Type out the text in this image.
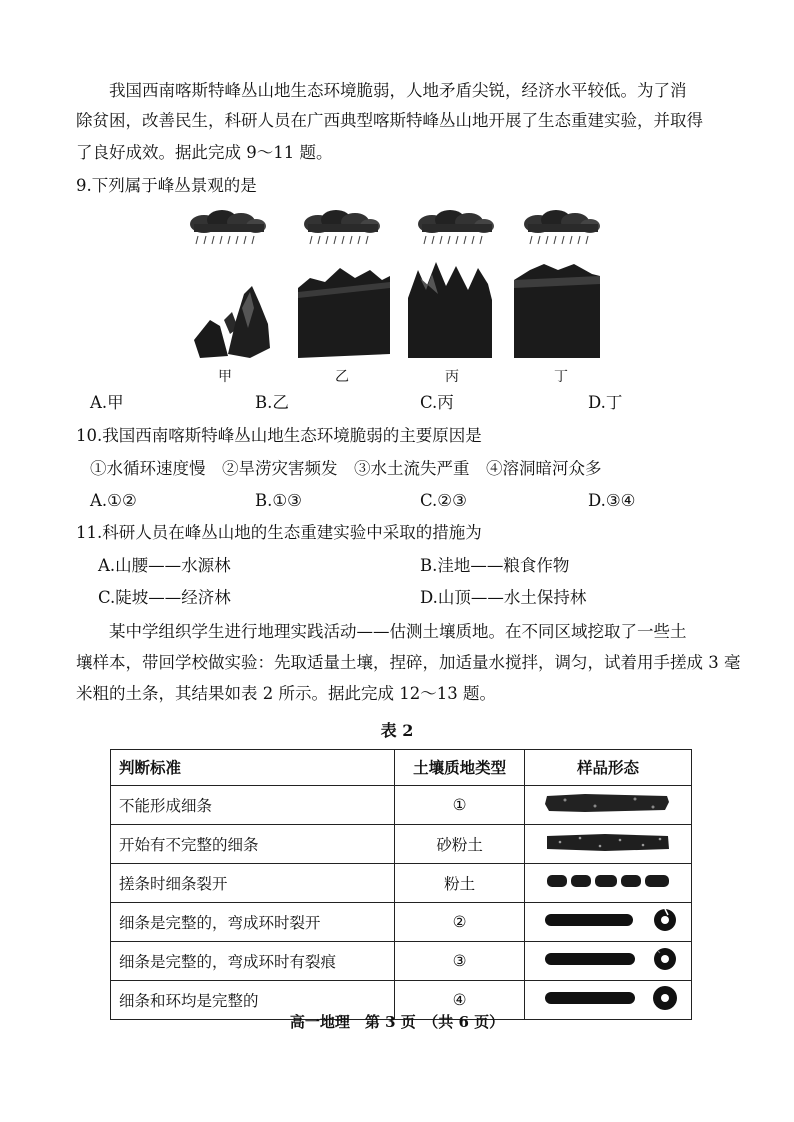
我国西南喀斯特峰丛山地生态环境脆弱，人地矛盾尖锐，经济水平较低。为了消
除贫困，改善民生，科研人员在广西典型喀斯特峰丛山地开展了生态重建实验，并取得
了良好成效。据此完成 9～11 题。
9.下列属于峰丛景观的是
甲	乙	丙	丁
A.甲	B.乙	C.丙	D.丁
10.我国西南喀斯特峰丛山地生态环境脆弱的主要原因是
①水循环速度慢　②旱涝灾害频发　③水土流失严重　④溶洞暗河众多
A.①②	B.①③	C.②③	D.③④
11.科研人员在峰丛山地的生态重建实验中采取的措施为
A.山腰——水源林	B.洼地——粮食作物
C.陡坡——经济林	D.山顶——水土保持林
某中学组织学生进行地理实践活动——估测土壤质地。在不同区域挖取了一些土
壤样本，带回学校做实验：先取适量土壤，捏碎，加适量水搅拌，调匀，试着用手搓成 3 毫
米粗的土条，其结果如表 2 所示。据此完成 12～13 题。
表 2
判断标准	土壤质地类型	样品形态
不能形成细条	①	
开始有不完整的细条	砂粉土	
搓条时细条裂开	粉土	
细条是完整的，弯成环时裂开	②	
细条是完整的，弯成环时有裂痕	③	
细条和环均是完整的	④	
高一地理　第 3 页　（共 6 页）
